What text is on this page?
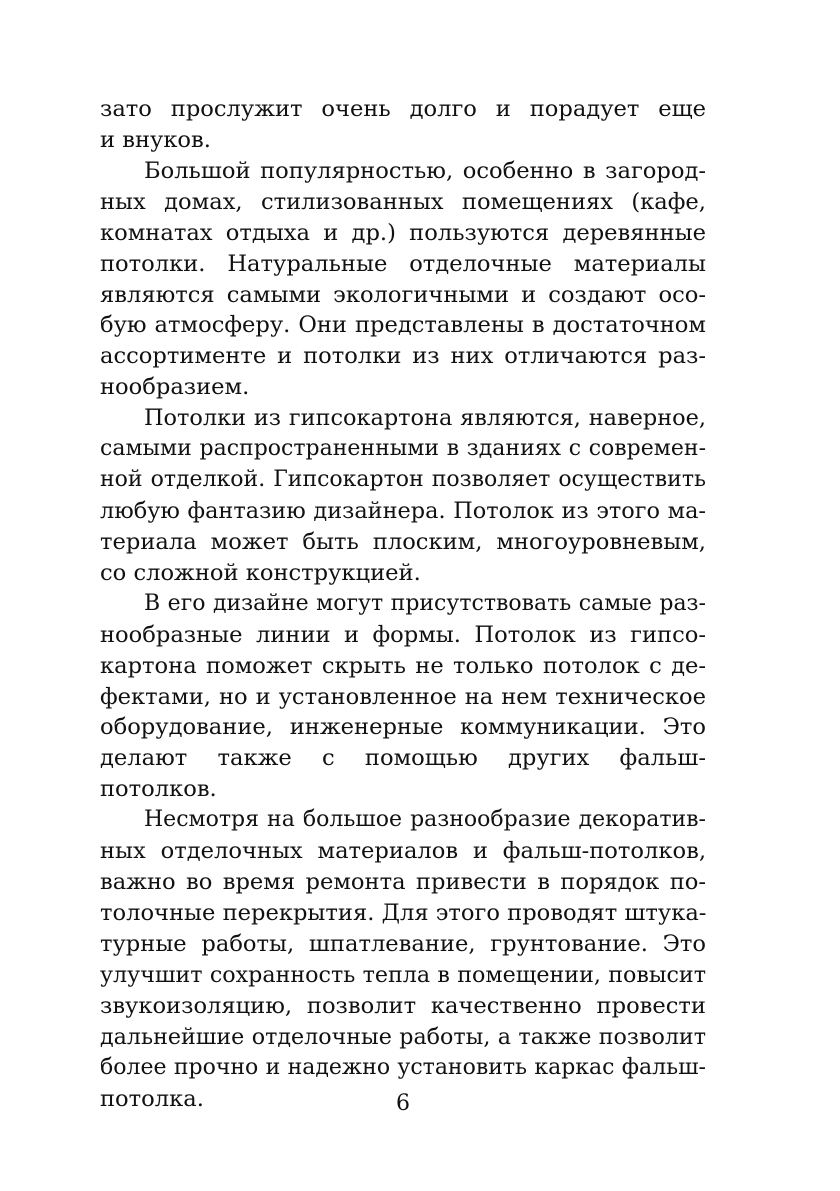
зато прослужит очень долго и порадует еще
и внуков.
Большой популярностью, особенно в загород-
ных домах, стилизованных помещениях (кафе,
комнатах отдыха и др.) пользуются деревянные
потолки. Натуральные отделочные материалы
являются самыми экологичными и создают осо-
бую атмосферу. Они представлены в достаточном
ассортименте и потолки из них отличаются раз-
нообразием.
Потолки из гипсокартона являются, наверное,
самыми распространенными в зданиях с современ-
ной отделкой. Гипсокартон позволяет осуществить
любую фантазию дизайнера. Потолок из этого ма-
териала может быть плоским, многоуровневым,
со сложной конструкцией.
В его дизайне могут присутствовать самые раз-
нообразные линии и формы. Потолок из гипсо-
картона поможет скрыть не только потолок с де-
фектами, но и установленное на нем техническое
оборудование, инженерные коммуникации. Это
делают также с помощью других фальш-
потолков.
Несмотря на большое разнообразие декоратив-
ных отделочных материалов и фальш-потолков,
важно во время ремонта привести в порядок по-
толочные перекрытия. Для этого проводят штука-
турные работы, шпатлевание, грунтование. Это
улучшит сохранность тепла в помещении, повысит
звукоизоляцию, позволит качественно провести
дальнейшие отделочные работы, а также позволит
более прочно и надежно установить каркас фальш-
потолка.	6
